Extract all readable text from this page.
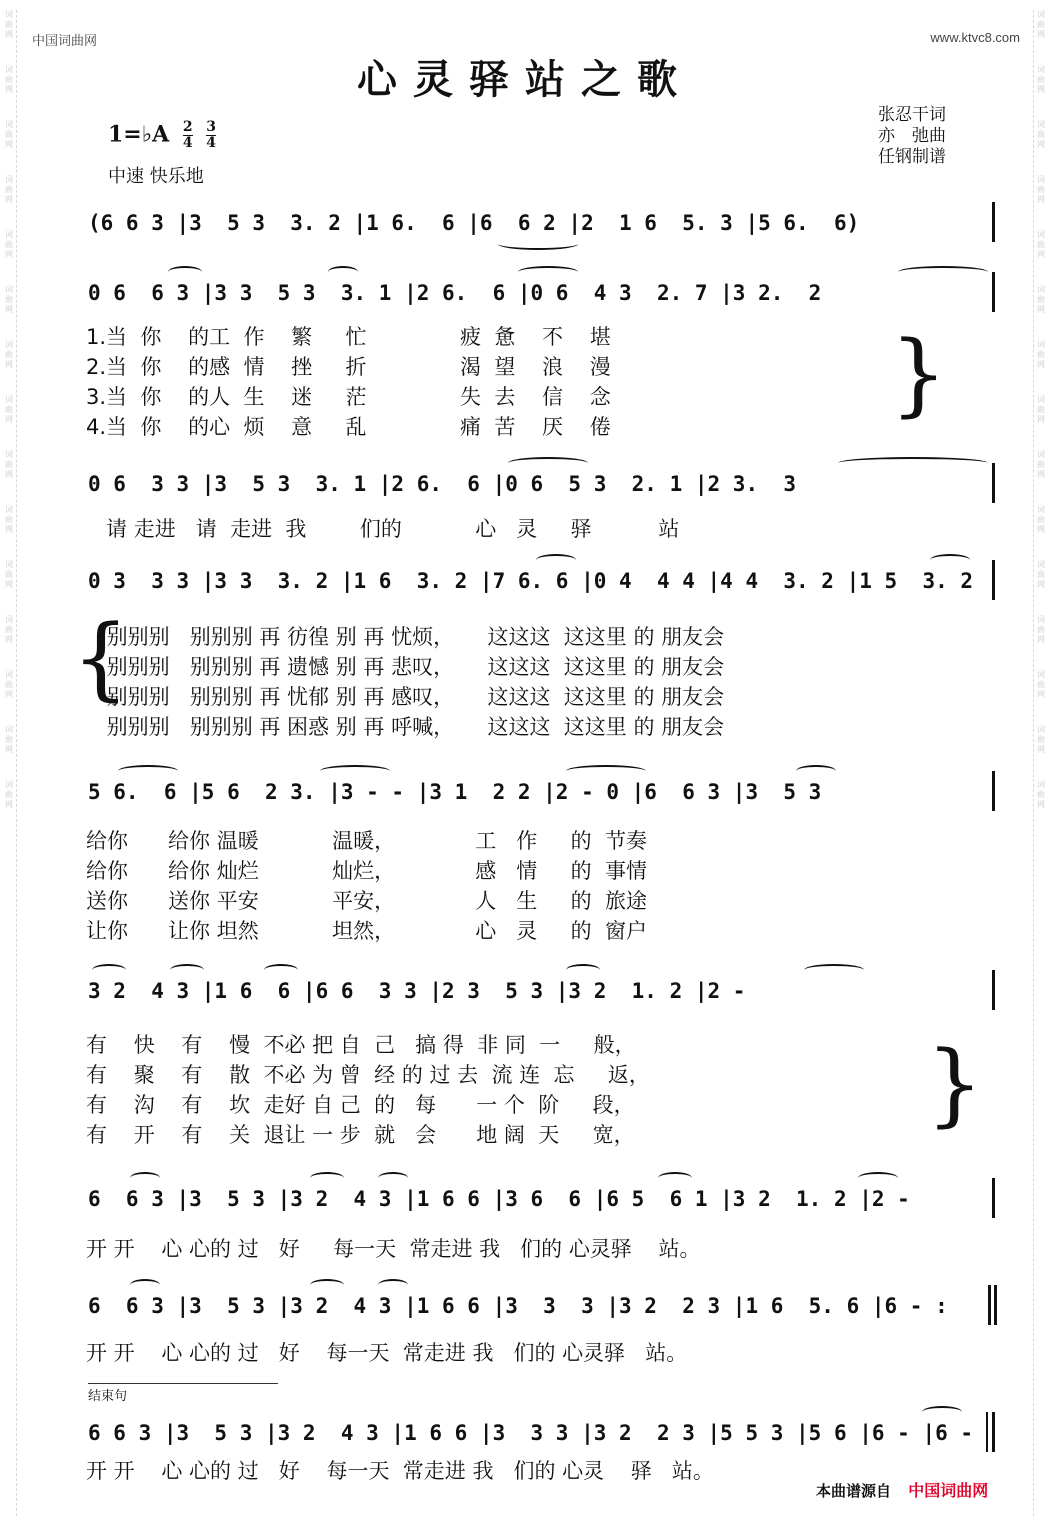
词曲网
词曲网
词曲网
词曲网
词曲网
词曲网
词曲网
词曲网
词曲网
词曲网
词曲网
词曲网
词曲网
词曲网
词曲网
词曲网
词曲网
词曲网
词曲网
词曲网
词曲网
词曲网
词曲网
词曲网
词曲网
词曲网
词曲网
词曲网
词曲网
词曲网
中国词曲网	www.ktvc8.com
心灵驿站之歌
1=♭A $\frac{2}{4}$
$\frac{3}{4}$
中速 快乐地
张忍干词
亦　弛曲
任钢制谱
(6 6 3 |3  5 3  3. 2 |1 6.  6 |6  6 2 |2  1 6  5. 3 |5 6.  6)
0 6  6 3 |3 3  5 3  3. 1 |2 6.  6 |0 6  4 3  2. 7 |3 2.  2
1.当  你    的工  作    繁     忙              疲  惫    不    堪
2.当  你    的感  情    挫     折              渴  望    浪    漫
3.当  你    的人  生    迷     茫              失  去    信    念
4.当  你    的心  烦    意     乱              痛  苦    厌    倦	}
0 6  3 3 |3  5 3  3. 1 |2 6.  6 |0 6  5 3  2. 1 |2 3.  3
请 走进   请  走进  我        们的           心   灵     驿          站
0 3  3 3 |3 3  3. 2 |1 6  3. 2 |7 6. 6 |0 4  4 4 |4 4  3. 2 |1 5  3. 2
{
别别别   别别别 再 彷徨 别 再 忧烦，     这这这  这这里 的 朋友会
别别别   别别别 再 遗憾 别 再 悲叹，     这这这  这这里 的 朋友会
别别别   别别别 再 忧郁 别 再 感叹，     这这这  这这里 的 朋友会
别别别   别别别 再 困惑 别 再 呼喊，     这这这  这这里 的 朋友会
5 6.  6 |5 6  2 3. |3 - - |3 1  2 2 |2 - 0 |6  6 3 |3  5 3
给你      给你 温暖           温暖，            工   作     的  节奏
给你      给你 灿烂           灿烂，            感   情     的  事情
送你      送你 平安           平安，            人   生     的  旅途
让你      让你 坦然           坦然，            心   灵     的  窗户
3 2  4 3 |1 6  6 |6 6  3 3 |2 3  5 3 |3 2  1. 2 |2 -
有    快    有    慢  不必 把 自  己   搞 得  非 同  一     般，
有    聚    有    散  不必 为 曾  经 的 过 去  流 连  忘     返，
有    沟    有    坎  走好 自 己  的   每      一 个  阶     段，
有    开    有    关  退让 一 步  就   会      地 阔  天     宽，	}
6  6 3 |3  5 3 |3 2  4 3 |1 6 6 |3 6  6 |6 5  6 1 |3 2  1. 2 |2 -
开 开    心 心的 过   好     每一天  常走进 我   们的 心灵驿    站。
6  6 3 |3  5 3 |3 2  4 3 |1 6 6 |3  3  3 |3 2  2 3 |1 6  5. 6 |6 - :
开 开    心 心的 过   好    每一天  常走进 我   们的 心灵驿   站。
结束句
6 6 3 |3  5 3 |3 2  4 3 |1 6 6 |3  3 3 |3 2  2 3 |5 5 3 |5 6 |6 - |6 -
开 开    心 心的 过   好    每一天  常走进 我   们的 心灵    驿   站。
本曲谱源自 中国词曲网
